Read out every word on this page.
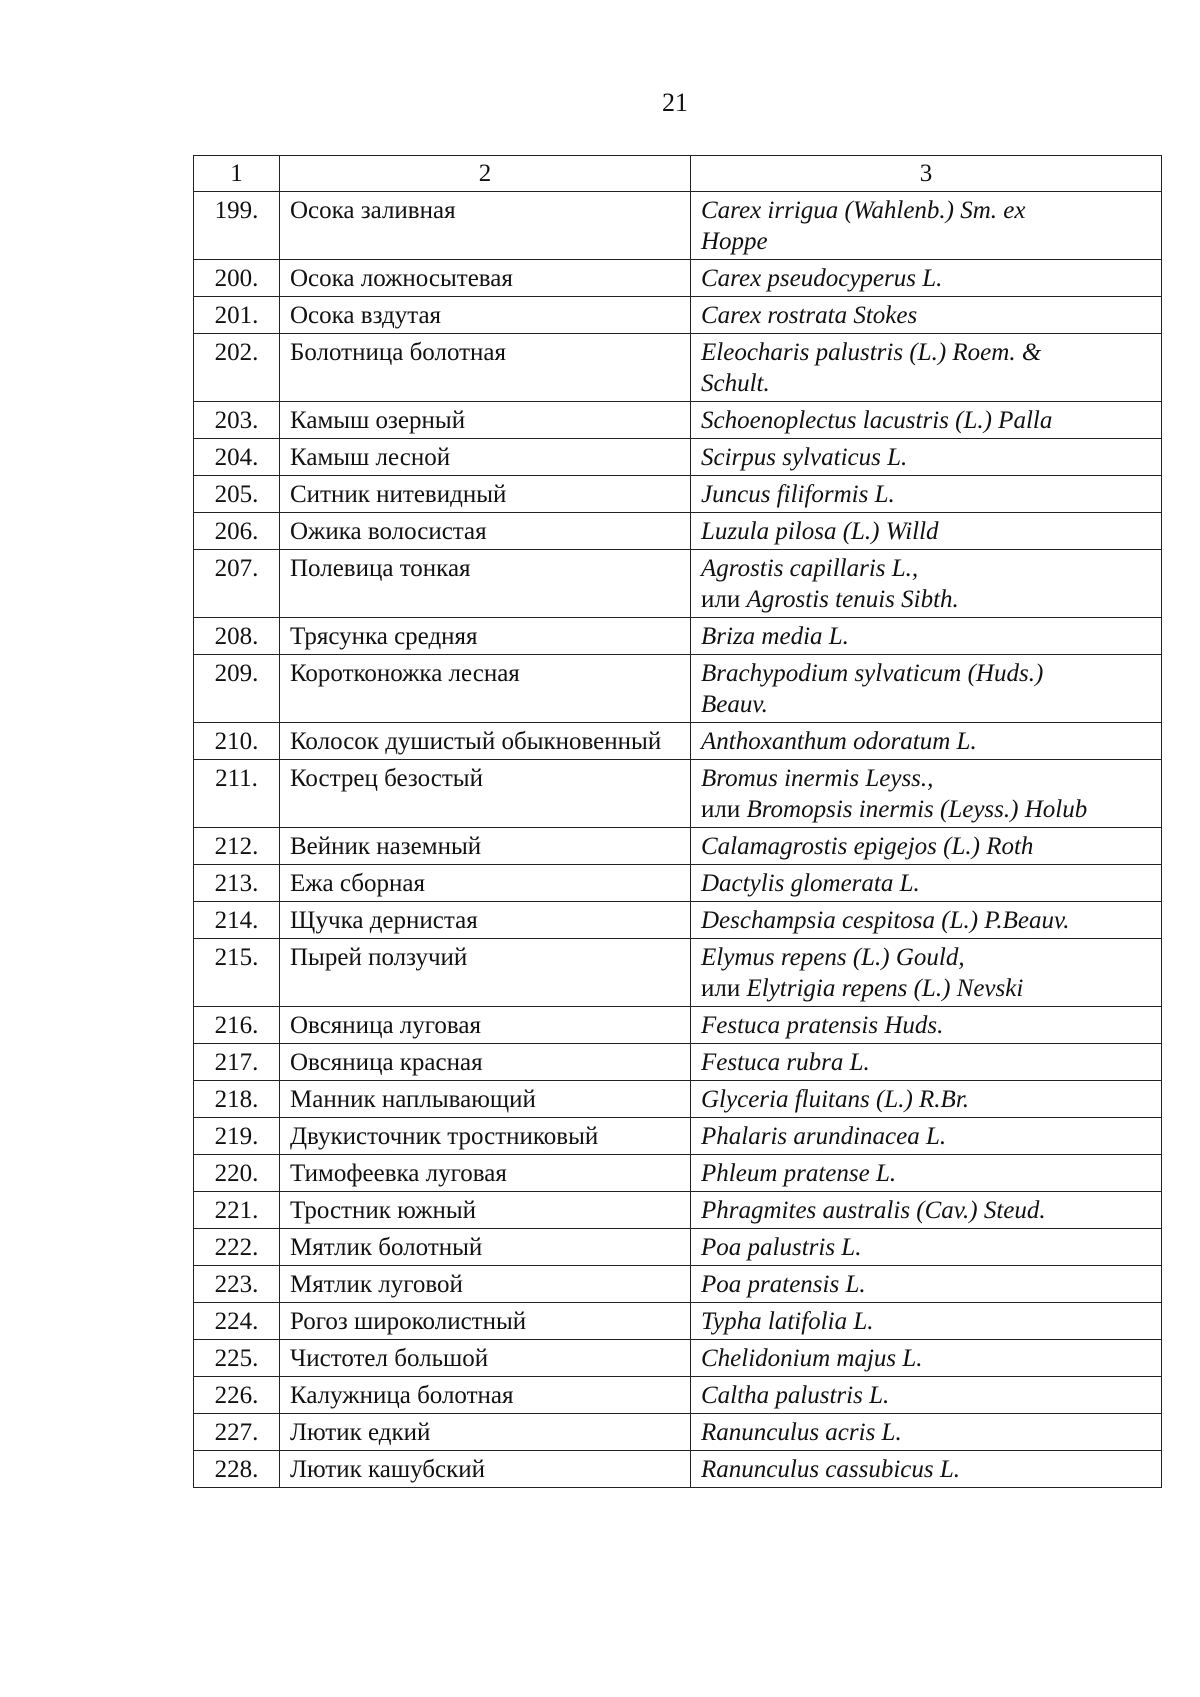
21
1	2	3
199.	Осока заливная	Carex irrigua (Wahlenb.) Sm. ex
Hoppe

200.	Осока ложносытевая	Carex pseudocyperus L.

201.	Осока вздутая	Carex rostrata Stokes

202.	Болотница болотная	Eleocharis palustris (L.) Roem. &
Schult.

203.	Камыш озерный	Schoenoplectus lacustris (L.) Palla

204.	Камыш лесной	Scirpus sylvaticus L.

205.	Ситник нитевидный	Juncus filiformis L.

206.	Ожика волосистая	Luzula pilosa (L.) Willd

207.	Полевица тонкая	Agrostis capillaris L.,
или Agrostis tenuis Sibth.

208.	Трясунка средняя	Briza media L.

209.	Коротконожка лесная	Brachypodium sylvaticum (Huds.)
Beauv.

210.	Колосок душистый обыкновенный	Anthoxanthum odoratum L.

211.	Кострец безостый	Bromus inermis Leyss.,
или Bromopsis inermis (Leyss.) Holub

212.	Вейник наземный	Calamagrostis epigejos (L.) Roth

213.	Ежа сборная	Dactylis glomerata L.

214.	Щучка дернистая	Deschampsia cespitosa (L.) P.Beauv.

215.	Пырей ползучий	Elymus repens (L.) Gould,
или Elytrigia repens (L.) Nevski

216.	Овсяница луговая	Festuca pratensis Huds.

217.	Овсяница красная	Festuca rubra L.

218.	Манник наплывающий	Glyceria fluitans (L.) R.Br.

219.	Двукисточник тростниковый	Phalaris arundinacea L.

220.	Тимофеевка луговая	Phleum pratense L.

221.	Тростник южный	Phragmites australis (Cav.) Steud.

222.	Мятлик болотный	Poa palustris L.

223.	Мятлик луговой	Poa pratensis L.

224.	Рогоз широколистный	Typha latifolia L.

225.	Чистотел большой	Chelidonium majus L.

226.	Калужница болотная	Caltha palustris L.

227.	Лютик едкий	Ranunculus acris L.

228.	Лютик кашубский	Ranunculus cassubicus L.
